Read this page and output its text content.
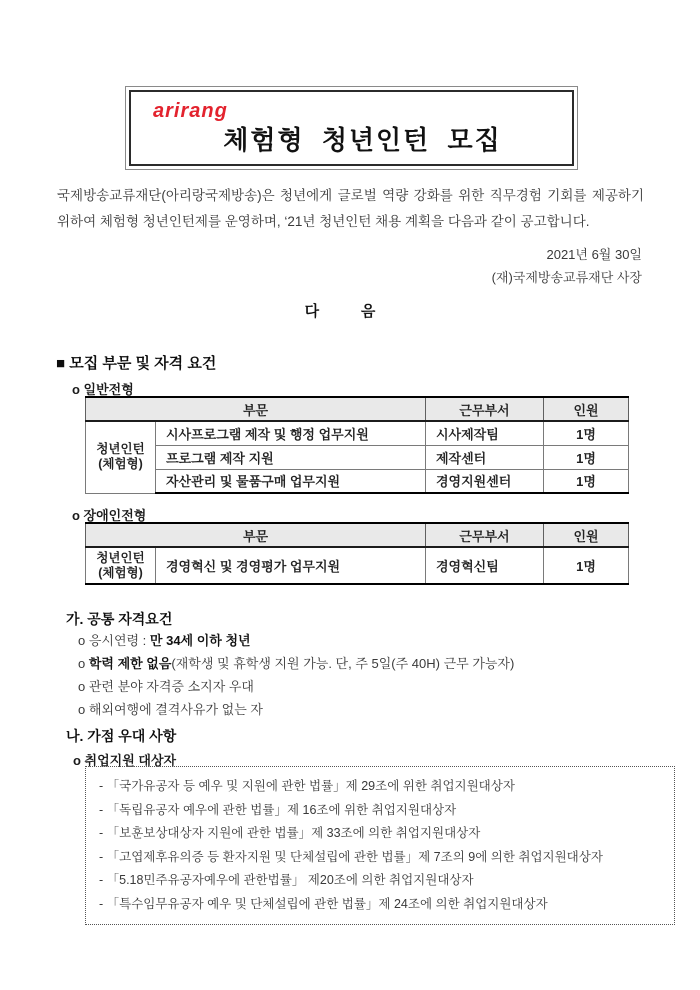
arirang
체험형 청년인턴 모집

국제방송교류재단(아리랑국제방송)은 청년에게 글로벌 역량 강화를 위한 직무경험 기회를 제공하기 위하여 체험형 청년인턴제를 운영하며, ‘21년 청년인턴 채용 계획을 다음과 같이 공고합니다.

2021년 6월 30일
(재)국제방송교류재단 사장
다          음
■ 모집 부문 및 자격 요건
o 일반전형
부문		근무부서	인원
청년인턴
(체험형)	시사프로그램 제작 및 행정 업무지원	시사제작팀	1명
	프로그램 제작 지원	제작센터	1명
	자산관리 및 물품구매 업무지원	경영지원센터	1명
o 장애인전형
부문		근무부서	인원
청년인턴
(체험형)	경영혁신 및 경영평가 업무지원	경영혁신팀	1명
가. 공통 자격요건
o 응시연령 : 만 34세 이하 청년
o 학력 제한 없음(재학생 및 휴학생 지원 가능. 단, 주 5일(주 40H) 근무 가능자)
o 관련 분야 자격증 소지자 우대
o 해외여행에 결격사유가 없는 자
나. 가점 우대 사항
o 취업지원 대상자
- 「국가유공자 등 예우 및 지원에 관한 법률」제 29조에 위한 취업지원대상자
- 「독립유공자 예우에 관한 법률」제 16조에 위한 취업지원대상자
- 「보훈보상대상자 지원에 관한 법률」제 33조에 의한 취업지원대상자
- 「고엽제후유의증 등 환자지원 및 단체설립에 관한 법률」제 7조의 9에 의한 취업지원대상자
- 「5.18민주유공자예우에 관한법률」 제20조에 의한 취업지원대상자
- 「특수임무유공자 예우 및 단체설립에 관한 법률」제 24조에 의한 취업지원대상자
